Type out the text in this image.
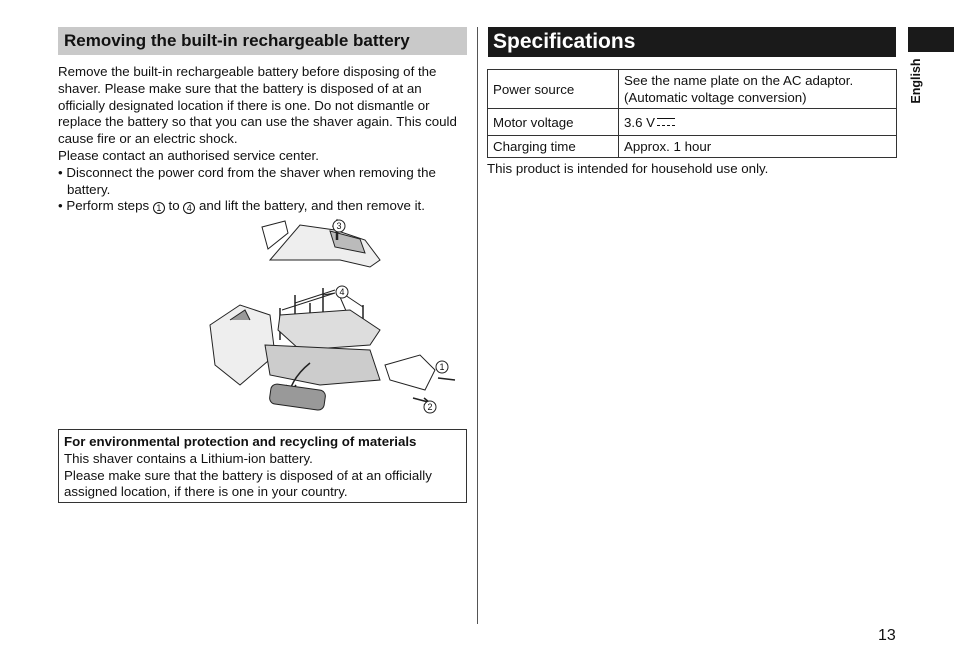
Removing the built-in rechargeable battery

Remove the built-in rechargeable battery before disposing of the shaver. Please make sure that the battery is disposed of at an officially designated location if there is one. Do not dismantle or replace the battery so that you can use the shaver again. This could cause fire or an electric shock.

Please contact an authorised service center.

• Disconnect the power cord from the shaver when removing the battery.

• Perform steps 1 to 4 and lift the battery, and then remove it.

1
2
3
4
For environmental protection and recycling of materials
This shaver contains a Lithium-ion battery.
Please make sure that the battery is disposed of at an officially assigned location, if there is one in your country.
Specifications
Power source	See the name plate on the AC adaptor.
(Automatic voltage conversion)

Motor voltage	3.6 V
Charging time	Approx. 1 hour
This product is intended for household use only.
English
13
